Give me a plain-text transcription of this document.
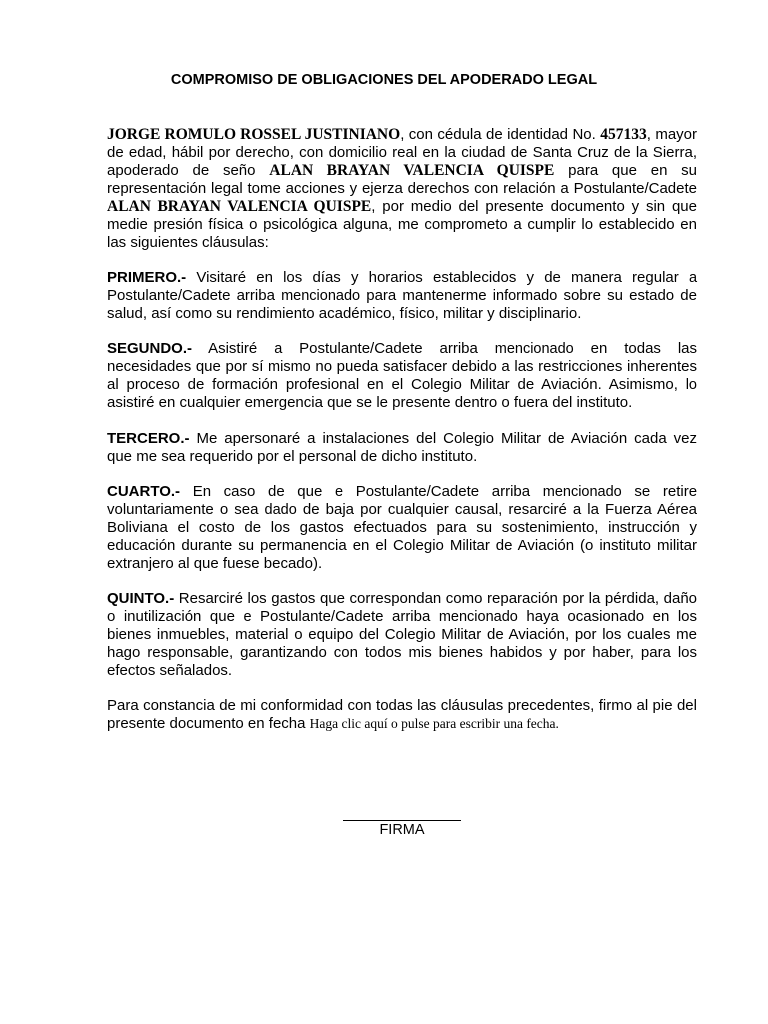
COMPROMISO DE OBLIGACIONES DEL APODERADO LEGAL
JORGE ROMULO ROSSEL JUSTINIANO, con cédula de identidad No. 457133, mayor
de edad, hábil por derecho, con domicilio real en la ciudad de Santa Cruz de la Sierra,
apoderado de seño ALAN BRAYAN VALENCIA QUISPE para que en su
representación legal tome acciones y ejerza derechos con relación a Postulante/Cadete
ALAN BRAYAN VALENCIA QUISPE, por medio del presente documento y sin que
medie presión física o psicológica alguna, me comprometo a cumplir lo establecido en
las siguientes cláusulas:
PRIMERO.- Visitaré en los días y horarios establecidos y de manera regular a
Postulante/Cadete arriba mencionado para mantenerme informado sobre su estado de
salud, así como su rendimiento académico, físico, militar y disciplinario.
SEGUNDO.- Asistiré a Postulante/Cadete arriba mencionado en todas las
necesidades que por sí mismo no pueda satisfacer debido a las restricciones inherentes
al proceso de formación profesional en el Colegio Militar de Aviación. Asimismo, lo
asistiré en cualquier emergencia que se le presente dentro o fuera del instituto.
TERCERO.- Me apersonaré a instalaciones del Colegio Militar de Aviación cada vez
que me sea requerido por el personal de dicho instituto.
CUARTO.- En caso de que e Postulante/Cadete arriba mencionado se retire
voluntariamente o sea dado de baja por cualquier causal, resarciré a la Fuerza Aérea
Boliviana el costo de los gastos efectuados para su sostenimiento, instrucción y
educación durante su permanencia en el Colegio Militar de Aviación (o instituto militar
extranjero al que fuese becado).
QUINTO.- Resarciré los gastos que correspondan como reparación por la pérdida, daño
o inutilización que e Postulante/Cadete arriba mencionado haya ocasionado en los
bienes inmuebles, material o equipo del Colegio Militar de Aviación, por los cuales me
hago responsable, garantizando con todos mis bienes habidos y por haber, para los
efectos señalados.
Para constancia de mi conformidad con todas las cláusulas precedentes, firmo al pie del
presente documento en fecha Haga clic aquí o pulse para escribir una fecha.
FIRMA
